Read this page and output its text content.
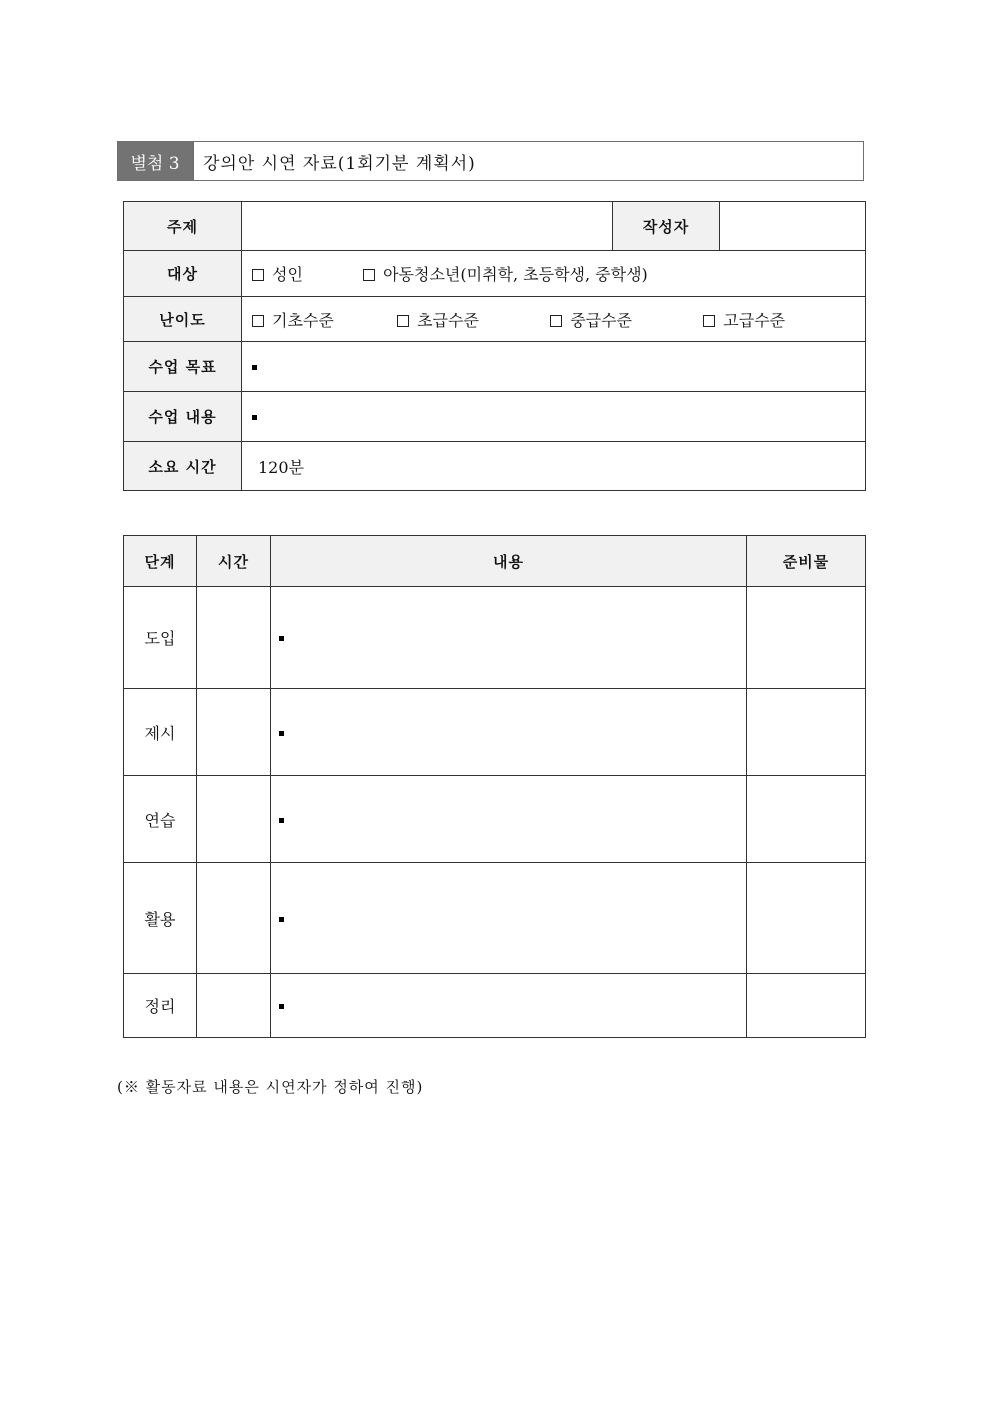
별첨 3	강의안 시연 자료(1회기분 계획서)
주제		작성자	
대상	성인 아동청소년(미취학, 초등학생, 중학생)		
난이도	기초수준 초급수준 중급수준 고급수준		
수업 목표			
수업 내용			
소요 시간	120분		
단계	시간	내용	준비물
도입			
제시			
연습			
활용			
정리			
(※ 활동자료 내용은 시연자가 정하여 진행)
